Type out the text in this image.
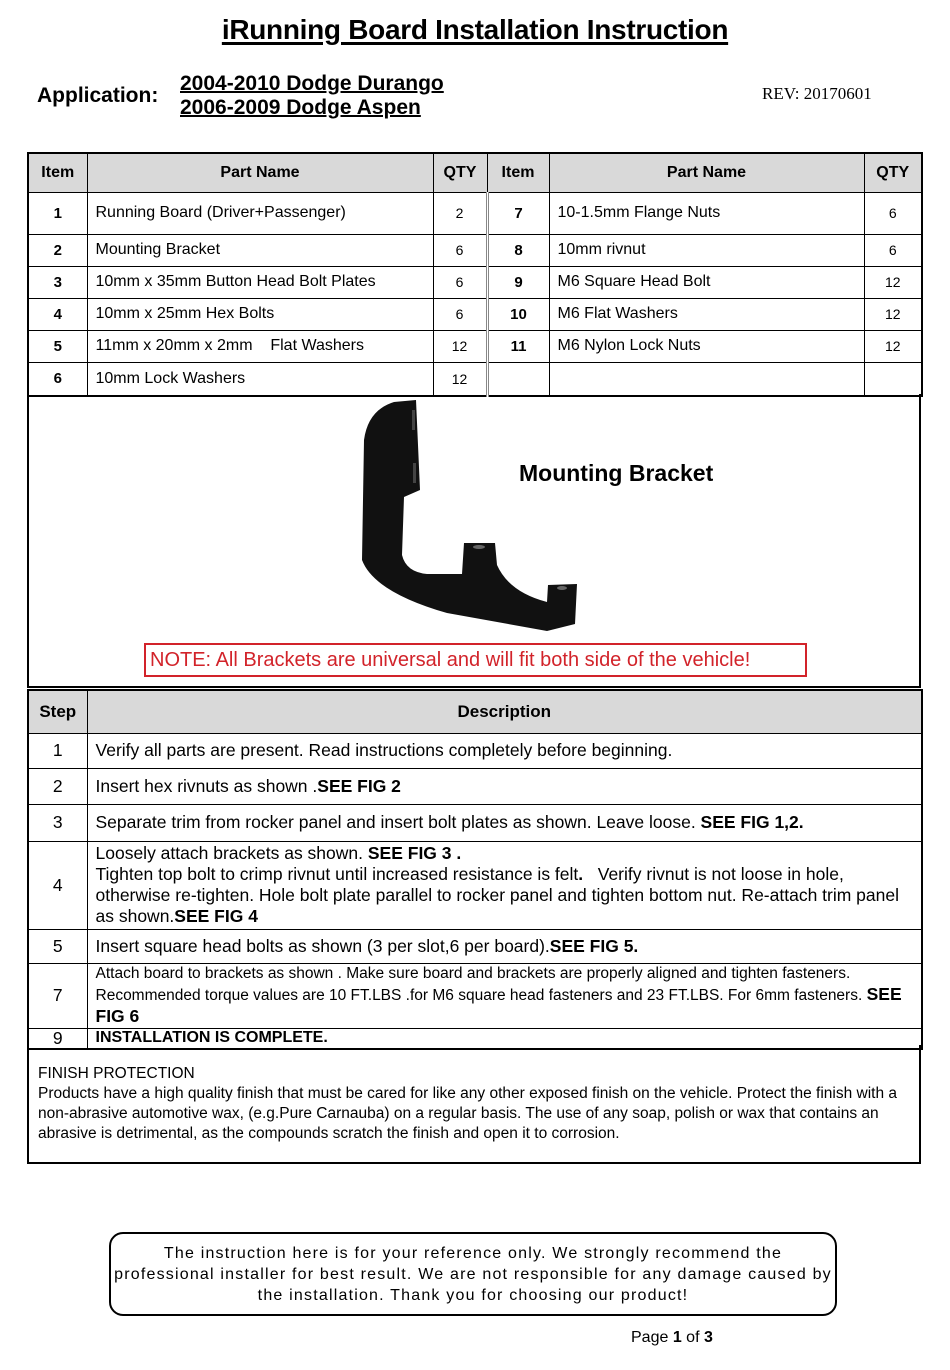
iRunning Board Installation Instruction
Application:
2004-2010 Dodge Durango
2006-2009 Dodge Aspen
REV: 20170601
Item	Part Name	QTY	Item	Part Name	QTY
1	Running Board (Driver+Passenger)	2	7	10-1.5mm Flange Nuts	6
2	Mounting Bracket	6	8	10mm rivnut	6
3	10mm x 35mm Button Head Bolt Plates	6	9	M6 Square Head Bolt	12
4	10mm x 25mm Hex Bolts	6	10	M6 Flat Washers	12
5	11mm x 20mm x 2mm    Flat Washers	12	11	M6 Nylon Lock Nuts	12
6	10mm Lock Washers	12			
Mounting Bracket
NOTE: All Brackets are universal and will fit both side of the vehicle!
Step	Description
1	Verify all parts are present. Read instructions completely before beginning.
2	Insert hex rivnuts as shown .SEE FIG 2
3	Separate trim from rocker panel and insert bolt plates as shown. Leave loose. SEE FIG 1,2.
4	Loosely attach brackets as shown. SEE FIG 3 .
Tighten top bolt to crimp rivnut until increased resistance is felt.   Verify rivnut is not loose in hole, otherwise re-tighten. Hole bolt plate parallel to rocker panel and tighten bottom nut. Re-attach trim panel as shown.SEE FIG 4
5	Insert square head bolts as shown (3 per slot,6 per board).SEE FIG 5.
7	Attach board to brackets as shown . Make sure board and brackets are properly aligned and tighten fasteners. Recommended torque values are 10 FT.LBS .for M6 square head fasteners and 23 FT.LBS. For 6mm fasteners. SEE FIG 6
9	INSTALLATION IS COMPLETE.
FINISH PROTECTION
Products have a high quality finish that must be cared for like any other exposed finish on the vehicle. Protect the finish with a non-abrasive automotive wax, (e.g.Pure Carnauba) on a regular basis. The use of any soap, polish or wax that contains an abrasive is detrimental, as the compounds scratch the finish and open it to corrosion.
The instruction here is for your reference only. We strongly recommend the professional installer for best result. We are not responsible for any damage caused by the installation. Thank you for choosing our product!
Page 1 of 3
